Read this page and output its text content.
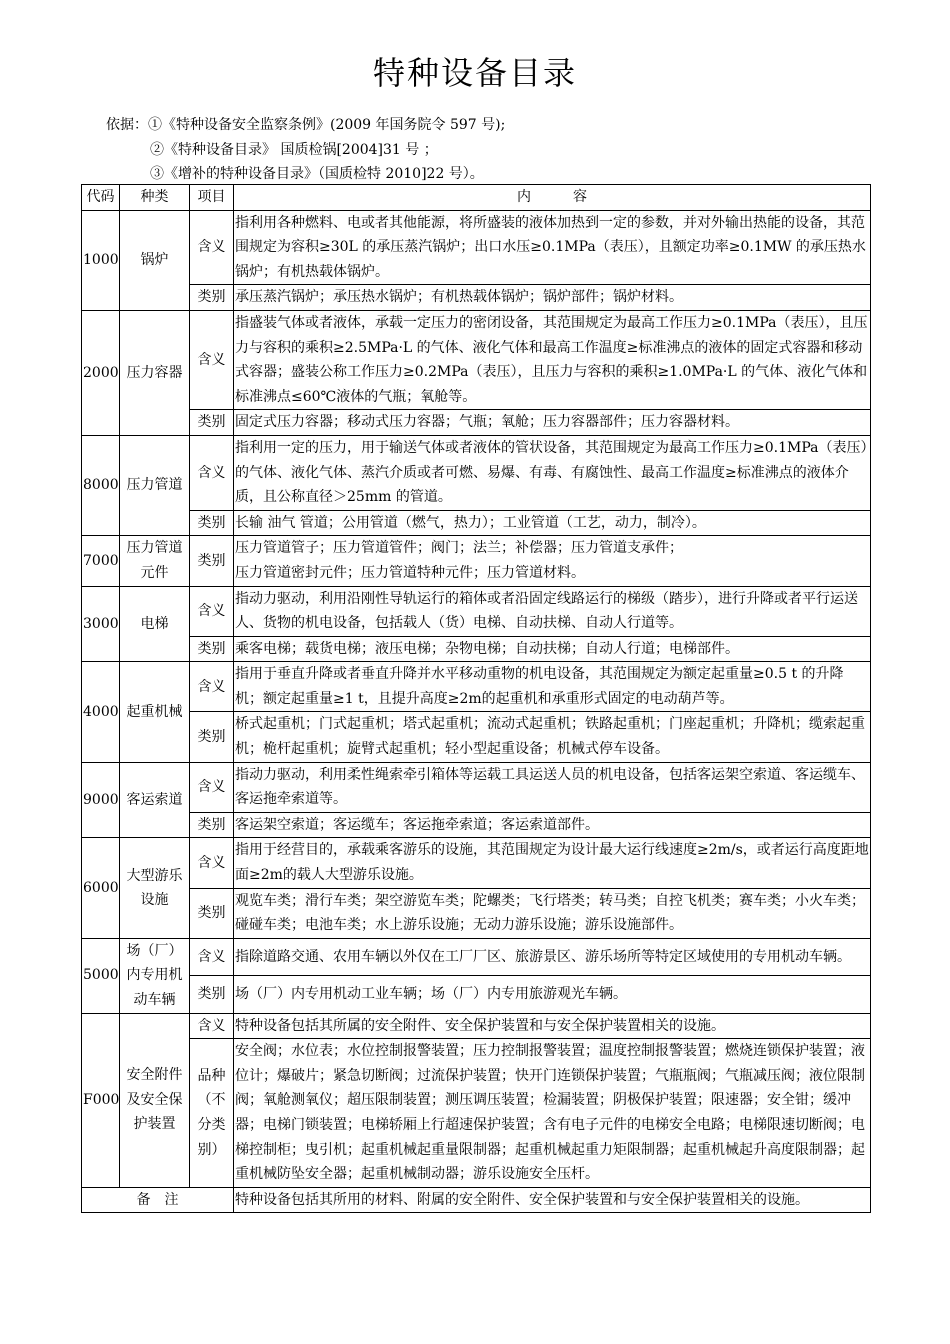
特种设备目录
依据：①《特种设备安全监察条例》(2009 年国务院令 597 号);
②《特种设备目录》 国质检锅[2004]31 号 ；
③《增补的特种设备目录》（国质检特 2010]22 号）。
代码	种类	项目	内　　　容
1000	锅炉	含义	指利用各种燃料、电或者其他能源，将所盛装的液体加热到一定的参数，并对外输出热能的设备，其范围规定为容积≥30L 的承压蒸汽锅炉；出口水压≥0.1MPa（表压），且额定功率≥0.1MW 的承压热水锅炉；有机热载体锅炉。
		类别	承压蒸汽锅炉；承压热水锅炉；有机热载体锅炉；锅炉部件；锅炉材料。
2000	压力容器	含义	指盛装气体或者液体，承载一定压力的密闭设备，其范围规定为最高工作压力≥0.1MPa（表压），且压力与容积的乘积≥2.5MPa·L 的气体、液化气体和最高工作温度≥标准沸点的液体的固定式容器和移动式容器；盛装公称工作压力≥0.2MPa（表压），且压力与容积的乘积≥1.0MPa·L 的气体、液化气体和标准沸点≤60℃液体的气瓶；氧舱等。
		类别	固定式压力容器；移动式压力容器；气瓶；氧舱；压力容器部件；压力容器材料。
8000	压力管道	含义	指利用一定的压力，用于输送气体或者液体的管状设备，其范围规定为最高工作压力≥0.1MPa（表压）的气体、液化气体、蒸汽介质或者可燃、易爆、有毒、有腐蚀性、最高工作温度≥标准沸点的液体介质，且公称直径＞25mm 的管道。
		类别	长输 油气 管道；公用管道（燃气，热力）；工业管道（工艺，动力，制冷）。
7000	压力管道元件	类别	压力管道管子；压力管道管件；阀门；法兰；补偿器；压力管道支承件；
压力管道密封元件；压力管道特种元件；压力管道材料。

3000	电梯	含义	指动力驱动，利用沿刚性导轨运行的箱体或者沿固定线路运行的梯级（踏步），进行升降或者平行运送人、货物的机电设备，包括载人（货）电梯、自动扶梯、自动人行道等。
		类别	乘客电梯；载货电梯；液压电梯；杂物电梯；自动扶梯；自动人行道；电梯部件。
4000	起重机械	含义	指用于垂直升降或者垂直升降并水平移动重物的机电设备，其范围规定为额定起重量≥0.5 t 的升降机；额定起重量≥1 t，且提升高度≥2m的起重机和承重形式固定的电动葫芦等。
		类别	桥式起重机；门式起重机；塔式起重机；流动式起重机；铁路起重机；门座起重机；升降机；缆索起重机；桅杆起重机；旋臂式起重机；轻小型起重设备；机械式停车设备。
9000	客运索道	含义	指动力驱动，利用柔性绳索牵引箱体等运载工具运送人员的机电设备，包括客运架空索道、客运缆车、客运拖牵索道等。
		类别	客运架空索道；客运缆车；客运拖牵索道；客运索道部件。
6000	大型游乐设施	含义	指用于经营目的，承载乘客游乐的设施，其范围规定为设计最大运行线速度≥2m/s，或者运行高度距地面≥2m的载人大型游乐设施。
		类别	观览车类；滑行车类；架空游览车类；陀螺类；飞行塔类；转马类；自控飞机类；赛车类；小火车类；碰碰车类；电池车类；水上游乐设施；无动力游乐设施；游乐设施部件。
5000	场（厂）内专用机动车辆	含义	指除道路交通、农用车辆以外仅在工厂厂区、旅游景区、游乐场所等特定区域使用的专用机动车辆。
		类别	场（厂）内专用机动工业车辆；场（厂）内专用旅游观光车辆。
F000	安全附件及安全保护装置	含义	特种设备包括其所属的安全附件、安全保护装置和与安全保护装置相关的设施。
		品种（不分类别）	安全阀；水位表；水位控制报警装置；压力控制报警装置；温度控制报警装置；燃烧连锁保护装置；液位计；爆破片；紧急切断阀；过流保护装置；快开门连锁保护装置；气瓶瓶阀；气瓶减压阀；液位限制阀；氧舱测氧仪；超压限制装置；测压调压装置；检漏装置；阴极保护装置；限速器；安全钳；缓冲器；电梯门锁装置；电梯轿厢上行超速保护装置；含有电子元件的电梯安全电路；电梯限速切断阀；电梯控制柜；曳引机；起重机械起重量限制器；起重机械起重力矩限制器；起重机械起升高度限制器；起重机械防坠安全器；起重机械制动器；游乐设施安全压杆。
备　注			特种设备包括其所用的材料、附属的安全附件、安全保护装置和与安全保护装置相关的设施。
